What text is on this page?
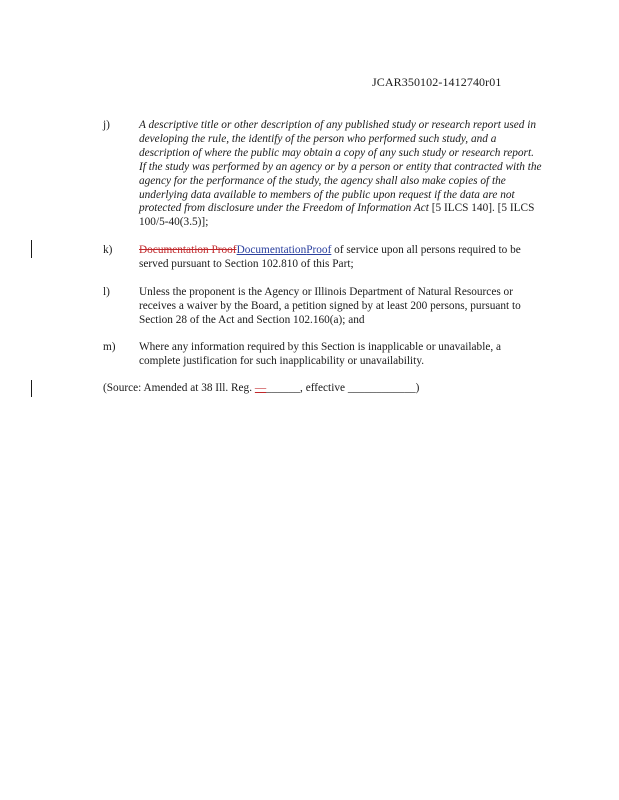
JCAR350102-1412740r01
j)	A descriptive title or other description of any published study or research report used in developing the rule, the identify of the person who performed such study, and a description of where the public may obtain a copy of any such study or research report. If the study was performed by an agency or by a person or entity that contracted with the agency for the performance of the study, the agency shall also make copies of the underlying data available to members of the public upon request if the data are not protected from disclosure under the Freedom of Information Act [5 ILCS 140]. [5 ILCS 100/5-40(3.5)];
k) Documentation ProofDocumentationProof of service upon all persons required to be served pursuant to Section 102.810 of this Part;
l)	Unless the proponent is the Agency or Illinois Department of Natural Resources or receives a waiver by the Board, a petition signed by at least 200 persons, pursuant to Section 28 of the Act and Section 102.160(a); and
m) Where any information required by this Section is inapplicable or unavailable, a complete justification for such inapplicability or unavailability.
(Source: Amended at 38 Ill. Reg. —______, effective ____________)
